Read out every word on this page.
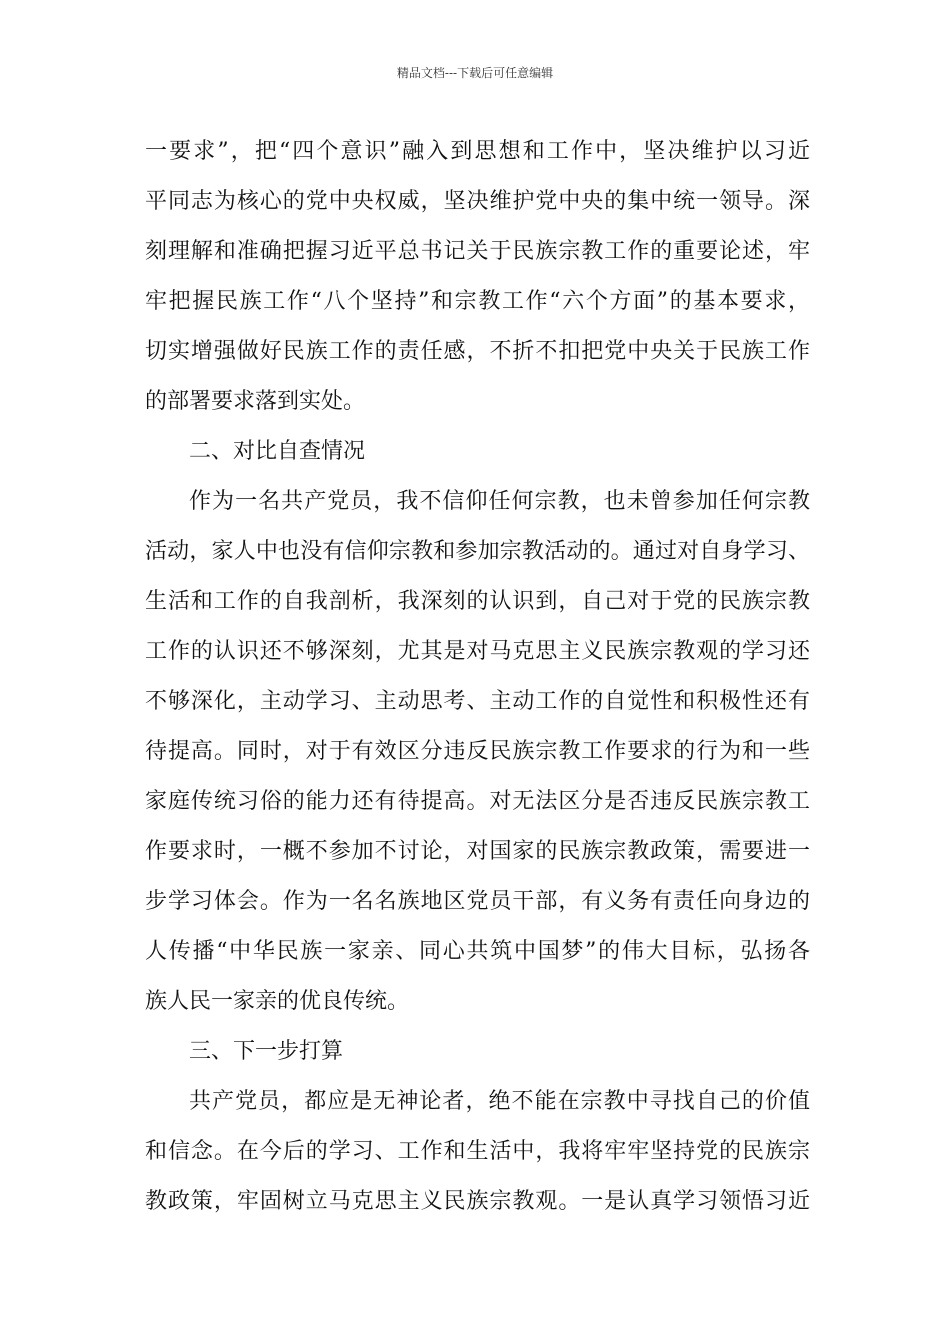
精品文档---下载后可任意编辑
一要求”，把“四个意识”融入到思想和工作中，坚决维护以习近
平同志为核心的党中央权威，坚决维护党中央的集中统一领导。深
刻理解和准确把握习近平总书记关于民族宗教工作的重要论述，牢
牢把握民族工作“八个坚持”和宗教工作“六个方面”的基本要求，
切实增强做好民族工作的责任感，不折不扣把党中央关于民族工作
的部署要求落到实处。
二、对比自查情况
作为一名共产党员，我不信仰任何宗教，也未曾参加任何宗教
活动，家人中也没有信仰宗教和参加宗教活动的。通过对自身学习、
生活和工作的自我剖析，我深刻的认识到，自己对于党的民族宗教
工作的认识还不够深刻，尤其是对马克思主义民族宗教观的学习还
不够深化，主动学习、主动思考、主动工作的自觉性和积极性还有
待提高。同时，对于有效区分违反民族宗教工作要求的行为和一些
家庭传统习俗的能力还有待提高。对无法区分是否违反民族宗教工
作要求时，一概不参加不讨论，对国家的民族宗教政策，需要进一
步学习体会。作为一名名族地区党员干部，有义务有责任向身边的
人传播“中华民族一家亲、同心共筑中国梦”的伟大目标，弘扬各
族人民一家亲的优良传统。
三、下一步打算
共产党员，都应是无神论者，绝不能在宗教中寻找自己的价值
和信念。在今后的学习、工作和生活中，我将牢牢坚持党的民族宗
教政策，牢固树立马克思主义民族宗教观。一是认真学习领悟习近
